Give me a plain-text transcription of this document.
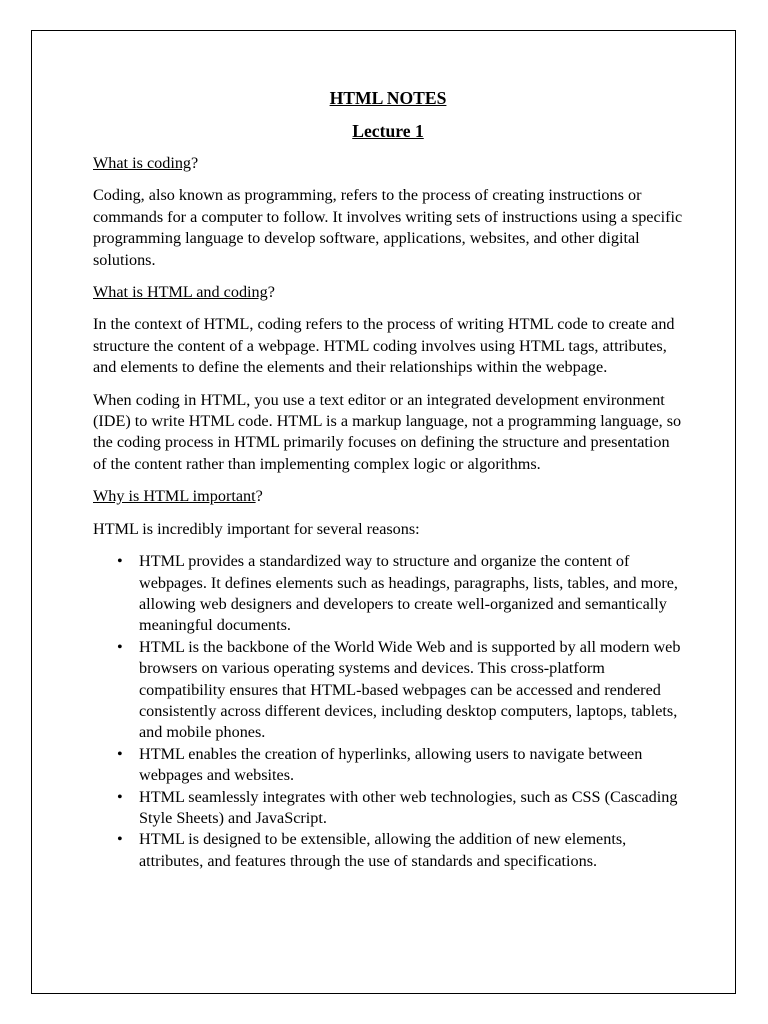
HTML NOTES
Lecture 1
What is coding?

Coding, also known as programming, refers to the process of creating instructions or commands for a computer to follow. It involves writing sets of instructions using a specific programming language to develop software, applications, websites, and other digital solutions.

What is HTML and coding?

In the context of HTML, coding refers to the process of writing HTML code to create and structure the content of a webpage. HTML coding involves using HTML tags, attributes, and elements to define the elements and their relationships within the webpage.

When coding in HTML, you use a text editor or an integrated development environment (IDE) to write HTML code. HTML is a markup language, not a programming language, so the coding process in HTML primarily focuses on defining the structure and presentation of the content rather than implementing complex logic or algorithms.

Why is HTML important?

HTML is incredibly important for several reasons:

• HTML provides a standardized way to structure and organize the content of webpages. It defines elements such as headings, paragraphs, lists, tables, and more, allowing web designers and developers to create well-organized and semantically meaningful documents.
• HTML is the backbone of the World Wide Web and is supported by all modern web browsers on various operating systems and devices. This cross-platform compatibility ensures that HTML-based webpages can be accessed and rendered consistently across different devices, including desktop computers, laptops, tablets, and mobile phones.
• HTML enables the creation of hyperlinks, allowing users to navigate between webpages and websites.
• HTML seamlessly integrates with other web technologies, such as CSS (Cascading Style Sheets) and JavaScript.
• HTML is designed to be extensible, allowing the addition of new elements, attributes, and features through the use of standards and specifications.
